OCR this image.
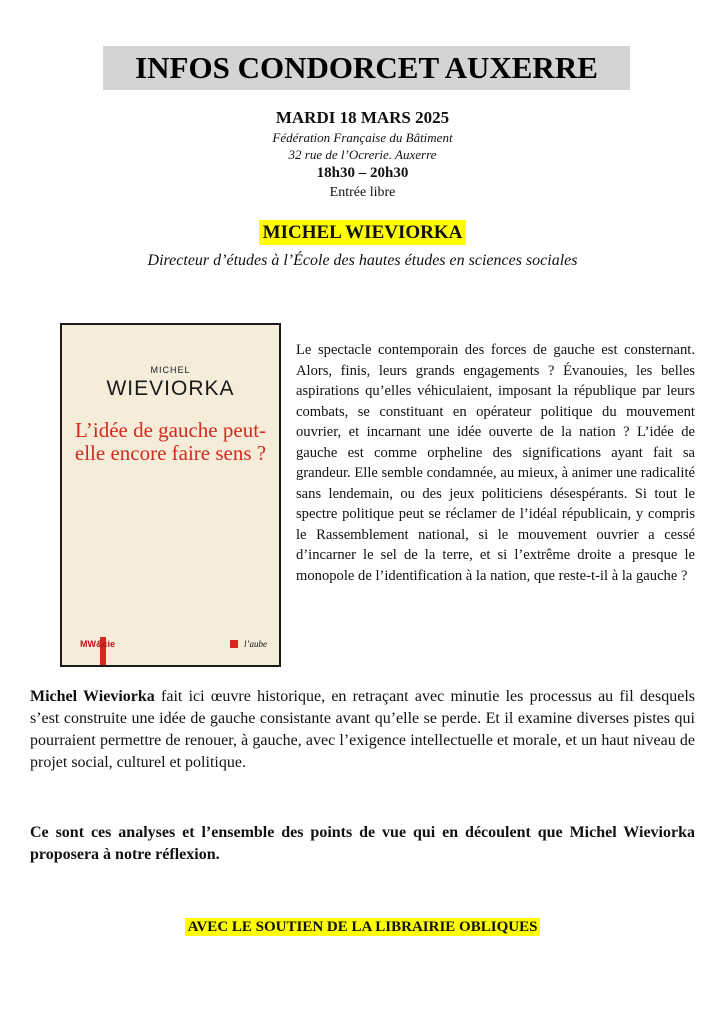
INFOS CONDORCET AUXERRE
MARDI 18 MARS 2025
Fédération Française du Bâtiment
32 rue de l’Ocrerie. Auxerre
18h30 – 20h30
Entrée libre
MICHEL WIEVIORKA
Directeur d’études à l’École des hautes études en sciences sociales
MICHEL
WIEVIORKA
L’idée de gauche peut-elle encore faire sens ?
MW&cie	l’aube

Le spectacle contemporain des forces de gauche est consternant. Alors, finis, leurs grands engagements ? Évanouies, les belles aspirations qu’elles véhiculaient, imposant la république par leurs combats, se constituant en opérateur politique du mouvement ouvrier, et incarnant une idée ouverte de la nation ? L’idée de gauche est comme orpheline des significations ayant fait sa grandeur. Elle semble condamnée, au mieux, à animer une radicalité sans lendemain, ou des jeux politiciens désespérants. Si tout le spectre politique peut se réclamer de l’idéal républicain, y compris le Rassemblement national, si le mouvement ouvrier a cessé d’incarner le sel de la terre, et si l’extrême droite a presque le monopole de l’identification à la nation, que reste-t-il à la gauche ?

Michel Wieviorka fait ici œuvre historique, en retraçant avec minutie les processus au fil desquels s’est construite une idée de gauche consistante avant qu’elle se perde. Et il examine diverses pistes qui pourraient permettre de renouer, à gauche, avec l’exigence intellectuelle et morale, et un haut niveau de projet social, culturel et politique.

Ce sont ces analyses et l’ensemble des points de vue qui en découlent que Michel Wieviorka proposera à notre réflexion.

AVEC LE SOUTIEN DE LA LIBRAIRIE OBLIQUES
